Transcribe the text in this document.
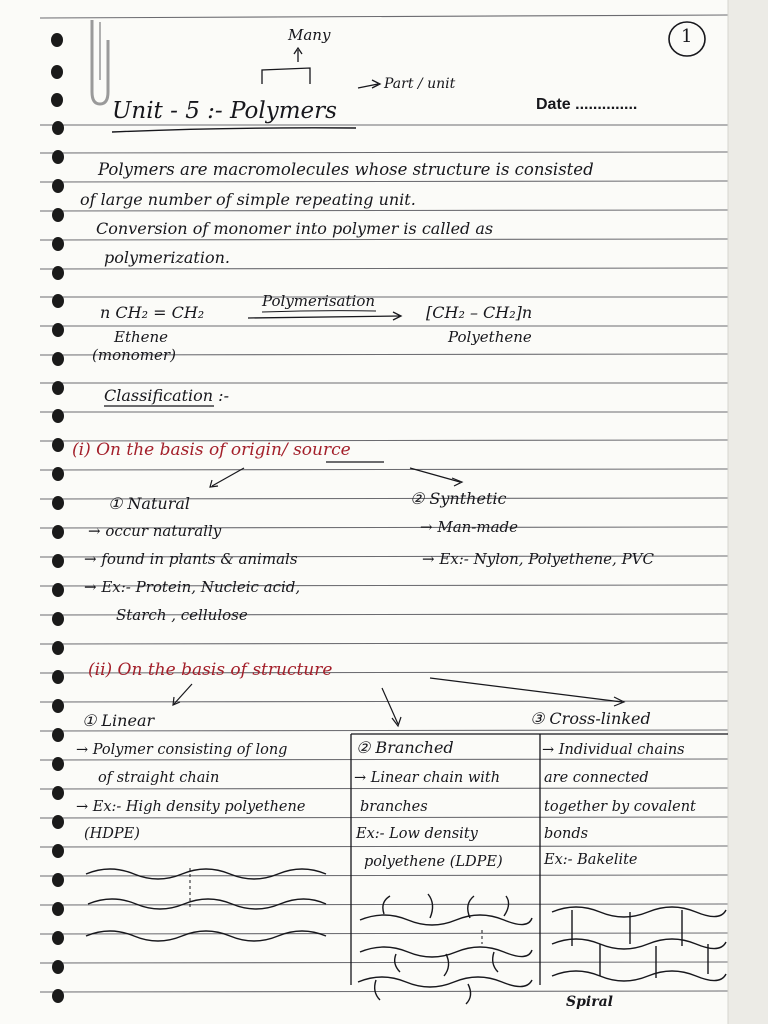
Many
Part / unit
1
Unit - 5 :- Polymers	Date ..............
Polymers are macromolecules whose structure is consisted
of large number of simple repeating unit.
Conversion of monomer into polymer is called as
polymerization.
n CH₂ = CH₂
Polymerisation
[CH₂ – CH₂]n
Ethene
(monomer)
Polyethene
Classification :-
(i) On the basis of origin/ source
① Natural	② Synthetic
→ occur naturally
→ found in plants & animals
→ Ex:- Protein, Nucleic acid,
Starch , cellulose
→ Man-made
→ Ex:- Nylon, Polyethene, PVC
(ii) On the basis of structure
① Linear
② Branched
③ Cross-linked
→ Polymer consisting of long
of straight chain
→ Ex:- High density polyethene
(HDPE)
→ Linear chain with
branches
Ex:- Low density
polyethene (LDPE)
→ Individual chains
are connected
together by covalent
bonds
Ex:- Bakelite
Spiral
